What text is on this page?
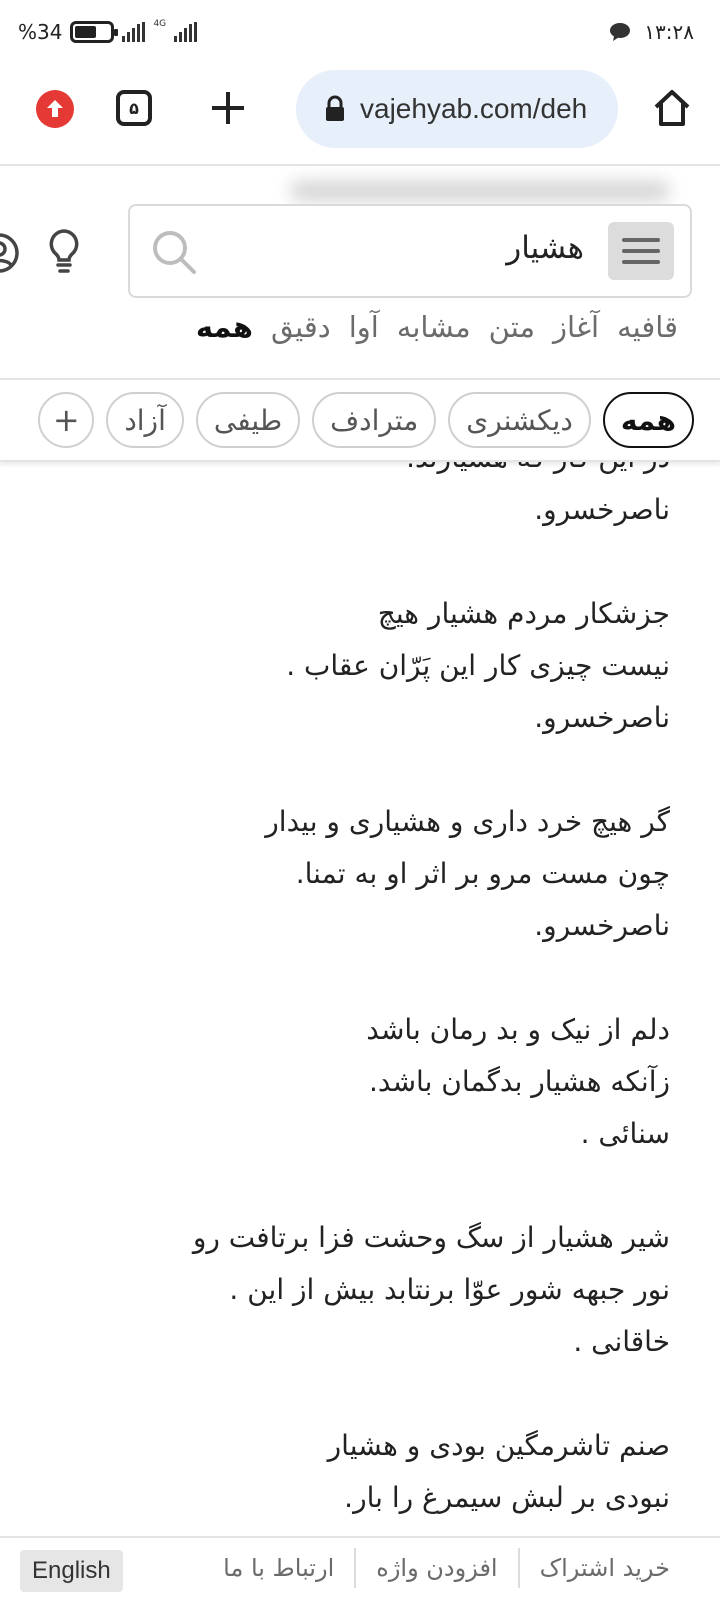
%34	4G	۱۳:۲۸
۵	vajehyab.com/deh
هشیار
همه دقیق آوا مشابه متن آغاز قافیه
همه
دیکشنری
مترادف
طیفی
آزاد
+
ناصرخسرو.
جزشکار مردم هشیار هیچ
نیست چیزی کار این پَرّان عقاب .
ناصرخسرو.
گر هیچ خرد داری و هشیاری و بیدار
چون مست مرو بر اثر او به تمنا.
ناصرخسرو.
دلم از نیک و بد رمان باشد
زآنکه هشیار بدگمان باشد.
سنائی .
شیر هشیار از سگ وحشت فزا برتافت رو
نور جبهه شور عوّا برنتابد بیش از این .
خاقانی .
صنم تاشرمگین بودی و هشیار
نبودی بر لبش سیمرغ را بار.
خرید اشتراک
افزودن واژه
ارتباط با ما
English
